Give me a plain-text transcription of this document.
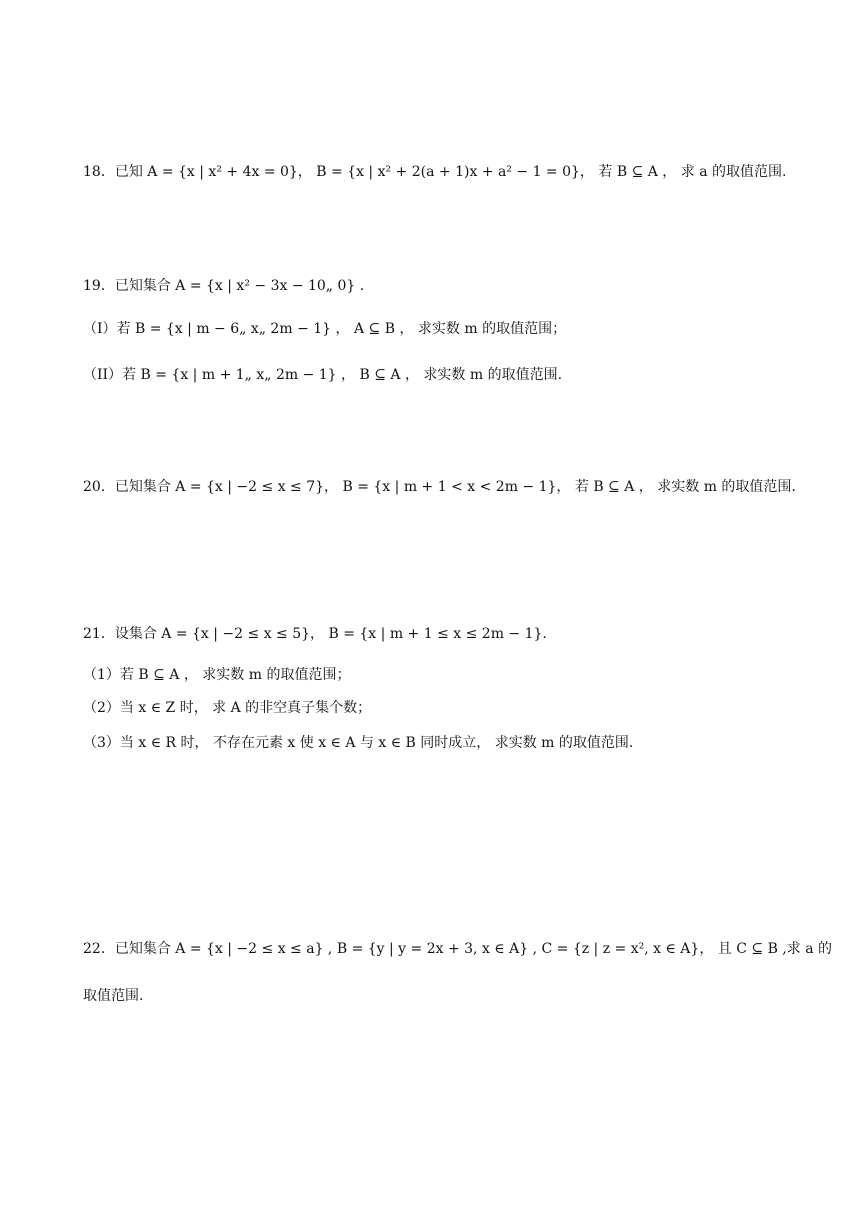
18．已知 A = {x | x² + 4x = 0}， B = {x | x² + 2(a + 1)x + a² − 1 = 0}， 若 B ⊆ A ， 求 a 的取值范围.
19．已知集合 A = {x | x² − 3x − 10„ 0} .
（I）若 B = {x | m − 6„ x„ 2m − 1} ， A ⊆ B ， 求实数 m 的取值范围；
（II）若 B = {x | m + 1„ x„ 2m − 1} ， B ⊆ A ， 求实数 m 的取值范围.
20．已知集合 A = {x | −2 ≤ x ≤ 7}， B = {x | m + 1 < x < 2m − 1}， 若 B ⊆ A ， 求实数 m 的取值范围.
21．设集合 A = {x | −2 ≤ x ≤ 5}， B = {x | m + 1 ≤ x ≤ 2m − 1}.
（1）若 B ⊆ A ， 求实数 m 的取值范围；
（2）当 x ∈ Z 时， 求 A 的非空真子集个数；
（3）当 x ∈ R 时， 不存在元素 x 使 x ∈ A 与 x ∈ B 同时成立， 求实数 m 的取值范围.
22．已知集合 A = {x | −2 ≤ x ≤ a} , B = {y | y = 2x + 3, x ∈ A} , C = {z | z = x², x ∈ A}， 且 C ⊆ B ,求 a 的
取值范围.
